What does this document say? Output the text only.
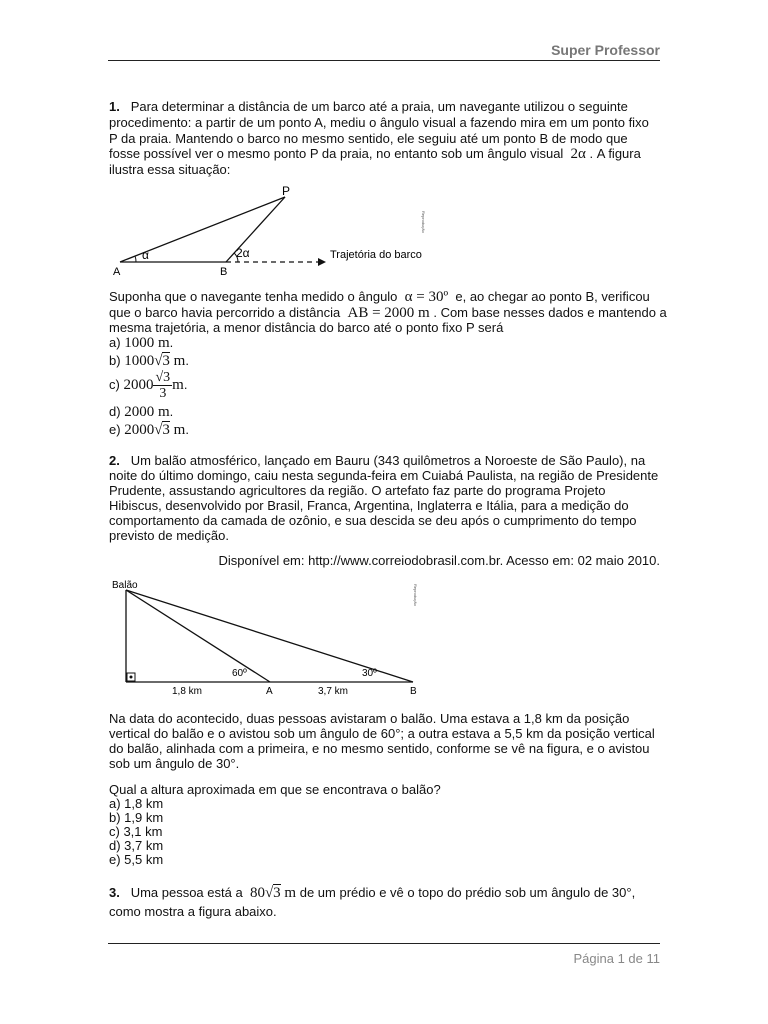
Super Professor
1. Para determinar a distância de um barco até a praia, um navegante utilizou o seguinte
procedimento: a partir de um ponto A, mediu o ângulo visual a fazendo mira em um ponto fixo
P da praia. Mantendo o barco no mesmo sentido, ele seguiu até um ponto B de modo que
fosse possível ver o mesmo ponto P da praia, no entanto sob um ângulo visual 2α . A figura
ilustra essa situação:
P
A	B
α	2α	Trajetória do barco
Reprodução
Suponha que o navegante tenha medido o ângulo α = 30º e, ao chegar ao ponto B, verificou
que o barco havia percorrido a distância AB = 2000 m . Com base nesses dados e mantendo a
mesma trajetória, a menor distância do barco até o ponto fixo P será
a) 1000 m.
b) 1000√3 m.
c) $2000 \frac{√3}{3} m$.
d) 2000 m.
e) 2000√3 m.
2. Um balão atmosférico, lançado em Bauru (343 quilômetros a Noroeste de São Paulo), na
noite do último domingo, caiu nesta segunda-feira em Cuiabá Paulista, na região de Presidente
Prudente, assustando agricultores da região. O artefato faz parte do programa Projeto
Hibiscus, desenvolvido por Brasil, Franca, Argentina, Inglaterra e Itália, para a medição do
comportamento da camada de ozônio, e sua descida se deu após o cumprimento do tempo
previsto de medição.
Disponível em: http://www.correiodobrasil.com.br. Acesso em: 02 maio 2010.
Balão
60º	30º
1,8 km	A	3,7 km	B
Reprodução
Na data do acontecido, duas pessoas avistaram o balão. Uma estava a 1,8 km da posição
vertical do balão e o avistou sob um ângulo de 60°; a outra estava a 5,5 km da posição vertical
do balão, alinhada com a primeira, e no mesmo sentido, conforme se vê na figura, e o avistou
sob um ângulo de 30°.
Qual a altura aproximada em que se encontrava o balão?
a) 1,8 km
b) 1,9 km
c) 3,1 km
d) 3,7 km
e) 5,5 km
3. Uma pessoa está a 80√3 m de um prédio e vê o topo do prédio sob um ângulo de 30°,
como mostra a figura abaixo.
Página 1 de 11
